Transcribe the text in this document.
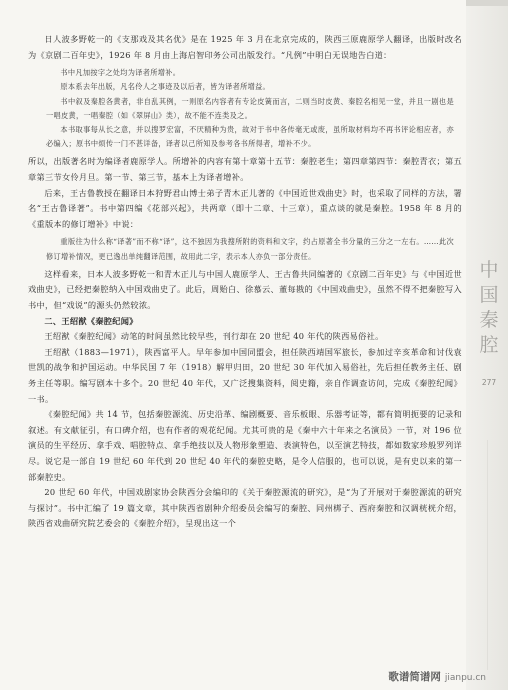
日人波多野乾一的《支那戏及其名优》是在 1925 年 3 月在北京完成的，陕西三原鹿原学人翻译，出版时改名为《京剧二百年史》，1926 年 8 月由上海启智印务公司出版发行。“凡例”中明白无误地告白道：

书中凡加按字之处均为译者所增补。

原本系去年出版，凡名伶人之事迹及以后者，皆为译者所增益。

书中叙及秦腔各黄者，非自乱其例，一则原名内容者有专论皮簧而言，二则当时皮黄、秦腔名相见一堂，并且一剧也是一唱皮黄，一唱秦腔（如《翠屏山》类），故不能不连类及之。

本书取事每从长之意，并以搜罗宏富，不厌精种为贵，故对于书中各传毫无或废，虽所取材料均不再书评论相应者，亦必编入；原书中烦传一门不甚详备，译者以己所知及参考各书所得者，增补不少。

所以，出版著名时为编译者鹿原学人。所增补的内容有第十章第十五节：秦腔老生；第四章第四节：秦腔青衣；第五章第三节女伶月旦。第一节、第三节，基本上为译者增补。

后来，王古鲁教授在翻译日本狩野君山博士弟子青木正儿著的《中国近世戏曲史》时，也采取了同样的方法，署名“王古鲁译著”。书中第四编《花部兴起》，共两章（即十二章、十三章），重点谈的就是秦腔。1958 年 8 月的《重版本的修订增补》中说：

重版往为什么称“译著”而不称“译”，这不独因为我搜所附的资料和文字，约占原著全书分量的三分之一左右。……此次修订增补情况，更已逸出单纯翻译范围，故用此二字，表示本人亦负一部分责任。

这样看来，日本人波多野乾一和青木正儿与中国人鹿原学人、王古鲁共同编著的《京剧二百年史》与《中国近世戏曲史》，已经把秦腔纳入中国戏曲史了。此后，周贻白、徐慕云、董每戡的《中国戏曲史》，虽然不得不把秦腔写入书中，但“戏说”的源头仍然较浓。

二、王绍猷《秦腔纪闻》

王绍猷《秦腔纪闻》动笔的时间虽然比较早些，刊行却在 20 世纪 40 年代的陕西易俗社。

王绍猷（1883—1971），陕西富平人。早年参加中国同盟会，担任陕西靖国军旅长，参加过辛亥革命和讨伐袁世凯的战争和护国运动。中华民国 7 年（1918）解甲归田，20 世纪 30 年代加入易俗社，先后担任教务主任、剧务主任等职。编写剧本十多个。20 世纪 40 年代，又广泛搜集资料，阅史籍，亲自作调查访问，完成《秦腔纪闻》一书。

《秦腔纪闻》共 14 节，包括秦腔源流、历史沿革、编剧概要、音乐板眼、乐器考证等，都有简明扼要的记录和叙述。有文献征引，有口碑介绍，也有作者的观花纪闻。尤其可贵的是《秦中六十年来之名演员》一节，对 196 位演员的生平经历、拿手戏、唱腔特点、拿手绝技以及人物形象塑造、表演特色，以至演艺特技，都如数家珍般罗列详尽。说它是一部自 19 世纪 60 年代到 20 世纪 40 年代的秦腔史略，是令人信服的，也可以说，是有史以来的第一部秦腔史。

20 世纪 60 年代，中国戏剧家协会陕西分会编印的《关于秦腔源流的研究》，是“为了开展对于秦腔源流的研究与探讨”。书中汇编了 19 篇文章，其中陕西省剧种介绍委员会编写的秦腔、同州梆子、西府秦腔和汉调桄桄介绍，陕西省戏曲研究院艺委会的《秦腔介绍》，呈现出这一个

中
国
秦
腔
277
歌谱简谱网 jianpu.cn
